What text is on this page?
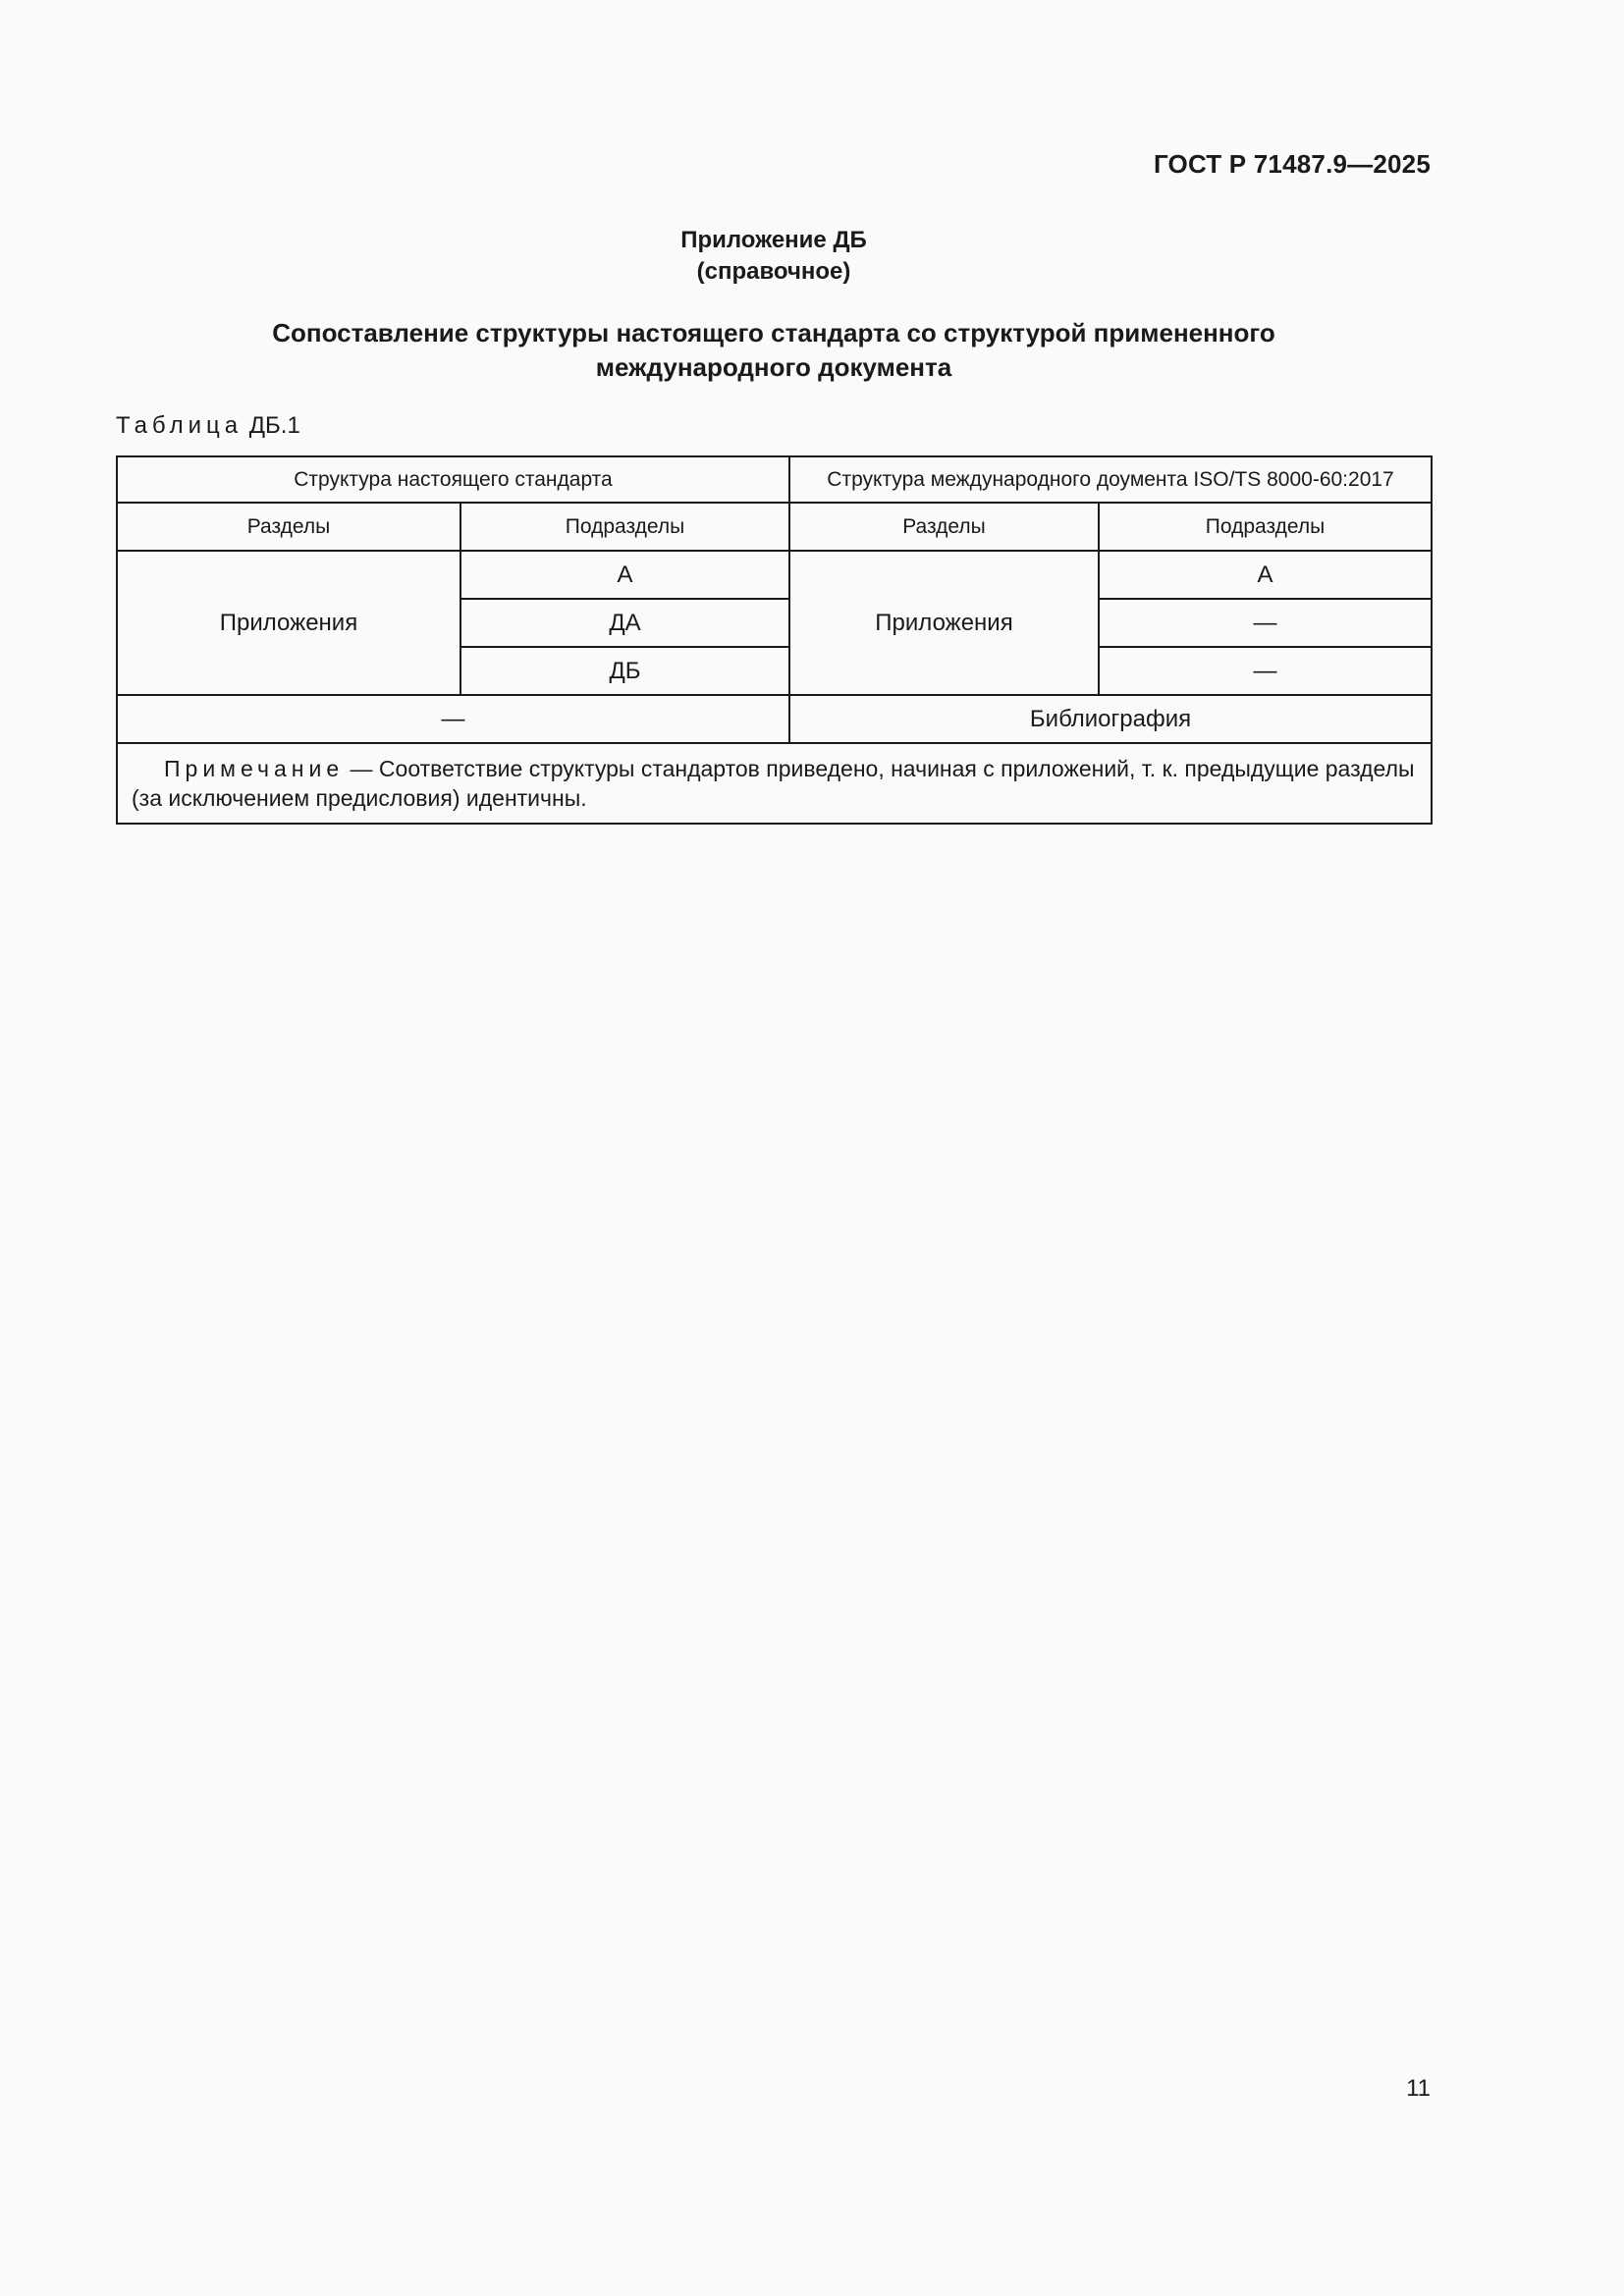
ГОСТ Р 71487.9—2025
Приложение ДБ
(справочное)
Сопоставление структуры настоящего стандарта со структурой примененного
международного документа
Таблица ДБ.1
Структура настоящего стандарта		Структура международного доумента ISO/TS 8000-60:2017	
Разделы	Подразделы	Разделы	Подразделы
Приложения	А	Приложения	А
	ДА		—
	ДБ		—
—		Библиография	
Примечание — Соответствие структуры стандартов приведено, начиная с приложений, т. к. предыдущие разделы (за исключением предисловия) идентичны.			
11
